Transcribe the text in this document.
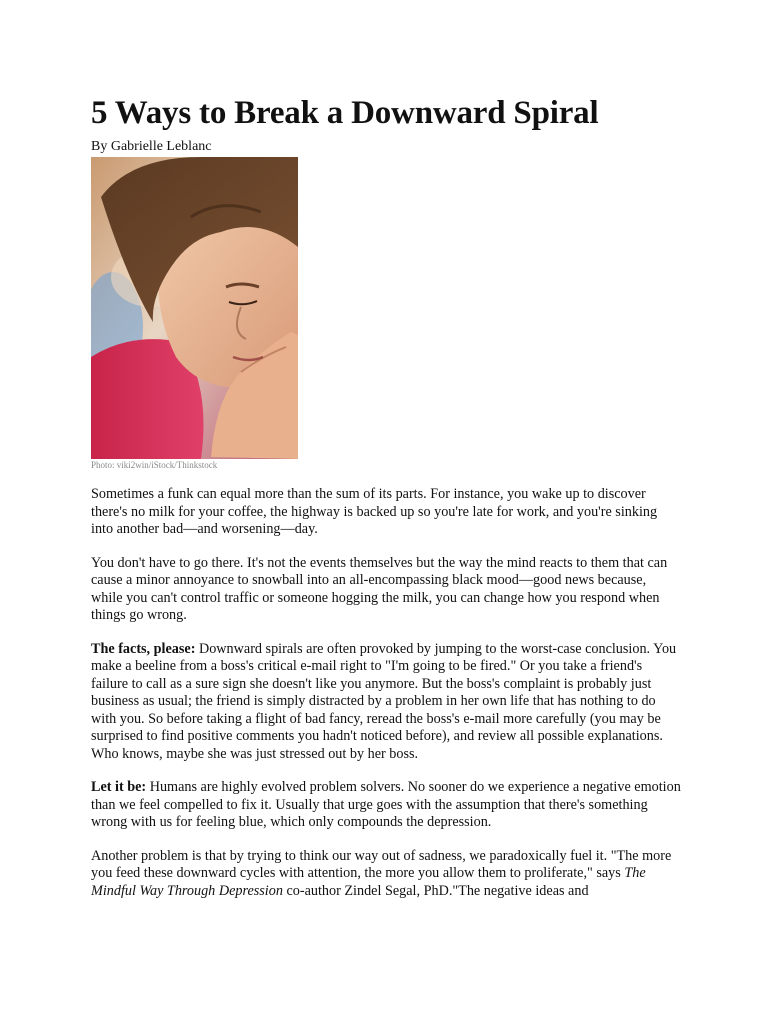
5 Ways to Break a Downward Spiral
By Gabrielle Leblanc
Photo: viki2win/iStock/Thinkstock

Sometimes a funk can equal more than the sum of its parts. For instance, you wake up to discover there's no milk for your coffee, the highway is backed up so you're late for work, and you're sinking into another bad—and worsening—day.

You don't have to go there. It's not the events themselves but the way the mind reacts to them that can cause a minor annoyance to snowball into an all-encompassing black mood—good news because, while you can't control traffic or someone hogging the milk, you can change how you respond when things go wrong.

The facts, please: Downward spirals are often provoked by jumping to the worst-case conclusion. You make a beeline from a boss's critical e-mail right to "I'm going to be fired." Or you take a friend's failure to call as a sure sign she doesn't like you anymore. But the boss's complaint is probably just business as usual; the friend is simply distracted by a problem in her own life that has nothing to do with you. So before taking a flight of bad fancy, reread the boss's e-mail more carefully (you may be surprised to find positive comments you hadn't noticed before), and review all possible explanations. Who knows, maybe she was just stressed out by her boss.

Let it be: Humans are highly evolved problem solvers. No sooner do we experience a negative emotion than we feel compelled to fix it. Usually that urge goes with the assumption that there's something wrong with us for feeling blue, which only compounds the depression.

Another problem is that by trying to think our way out of sadness, we paradoxically fuel it. "The more you feed these downward cycles with attention, the more you allow them to proliferate," says The Mindful Way Through Depression co-author Zindel Segal, PhD."The negative ideas and
